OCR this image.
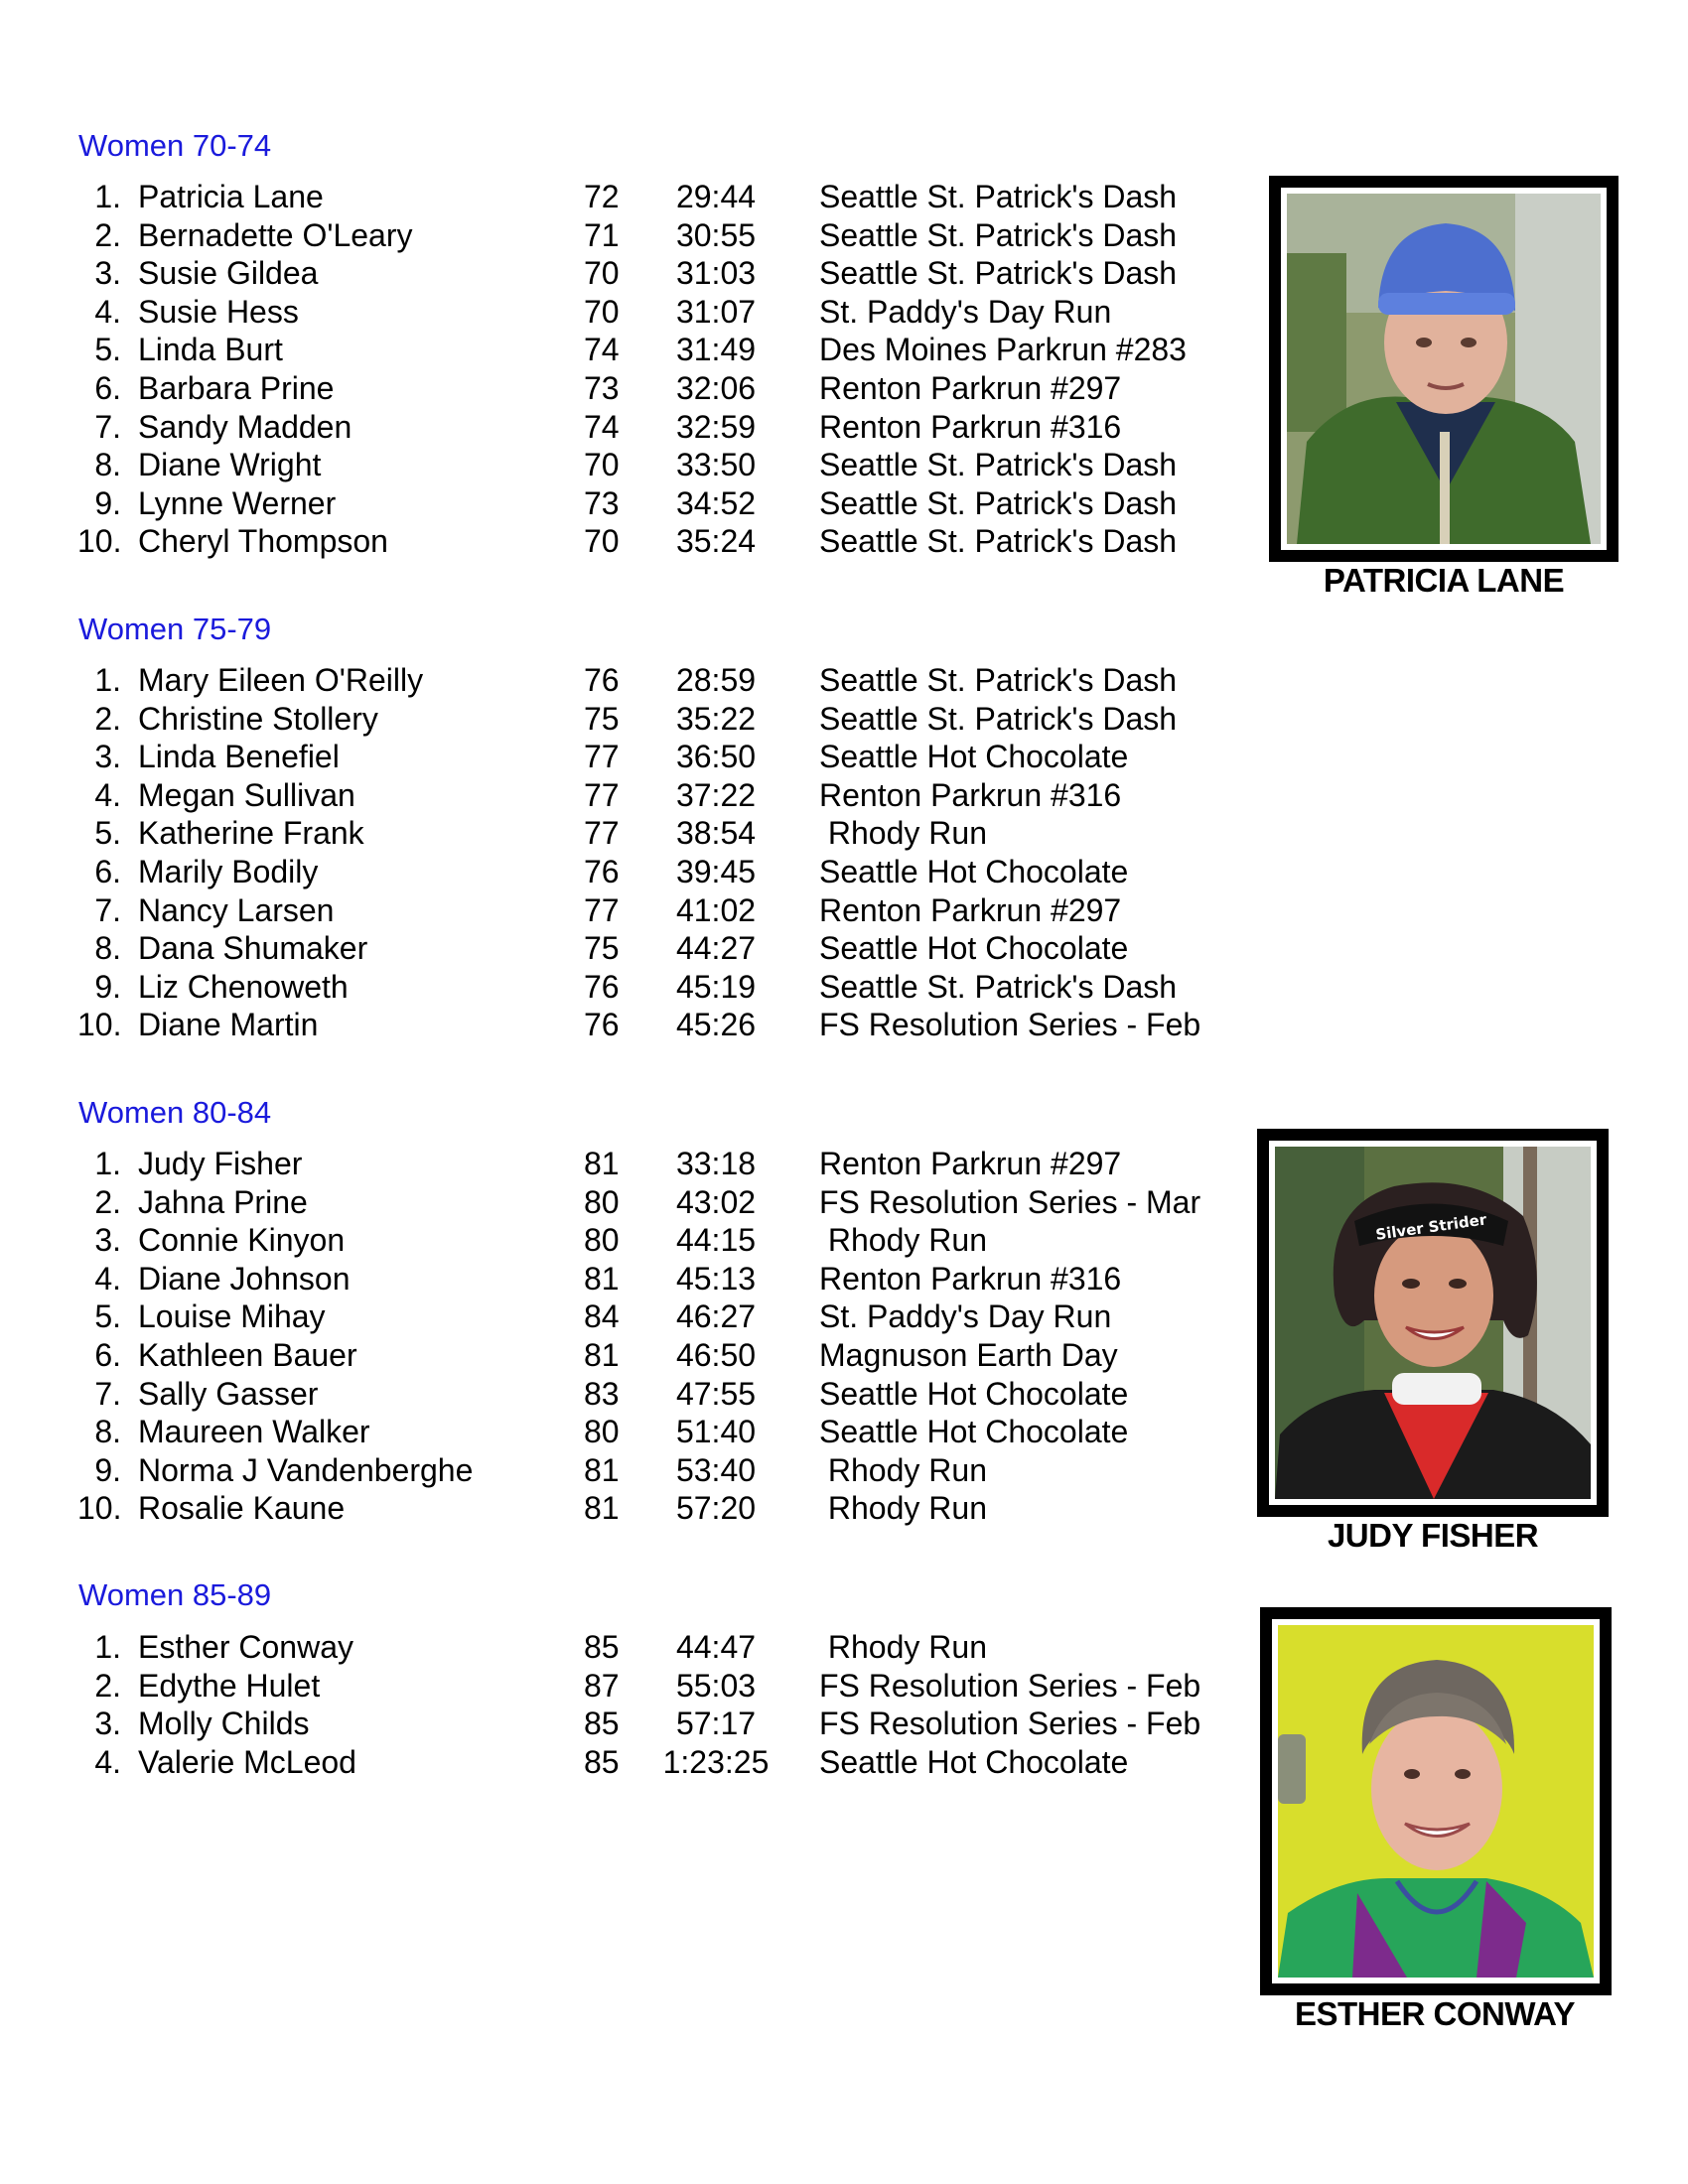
Women 70-74
Women 75-79
Women 80-84
Women 85-89
1. Patricia Lane	72	29:44	Seattle St. Patrick's Dash
2. Bernadette O'Leary	71	30:55	Seattle St. Patrick's Dash
3. Susie Gildea	70	31:03	Seattle St. Patrick's Dash
4. Susie Hess	70	31:07	St. Paddy's Day Run
5. Linda Burt	74	31:49	Des Moines Parkrun #283
6. Barbara Prine	73	32:06	Renton Parkrun #297
7. Sandy Madden	74	32:59	Renton Parkrun #316
8. Diane Wright	70	33:50	Seattle St. Patrick's Dash
9. Lynne Werner	73	34:52	Seattle St. Patrick's Dash
10. Cheryl Thompson	70	35:24	Seattle St. Patrick's Dash
1. Mary Eileen O'Reilly	76	28:59	Seattle St. Patrick's Dash
2. Christine Stollery	75	35:22	Seattle St. Patrick's Dash
3. Linda Benefiel	77	36:50	Seattle Hot Chocolate
4. Megan Sullivan	77	37:22	Renton Parkrun #316
5. Katherine Frank	77	38:54	Rhody Run
6. Marily Bodily	76	39:45	Seattle Hot Chocolate
7. Nancy Larsen	77	41:02	Renton Parkrun #297
8. Dana Shumaker	75	44:27	Seattle Hot Chocolate
9. Liz Chenoweth	76	45:19	Seattle St. Patrick's Dash
10. Diane Martin	76	45:26	FS Resolution Series - Feb
1. Judy Fisher	81	33:18	Renton Parkrun #297
2. Jahna Prine	80	43:02	FS Resolution Series - Mar
3. Connie Kinyon	80	44:15	Rhody Run
4. Diane Johnson	81	45:13	Renton Parkrun #316
5. Louise Mihay	84	46:27	St. Paddy's Day Run
6. Kathleen Bauer	81	46:50	Magnuson Earth Day
7. Sally Gasser	83	47:55	Seattle Hot Chocolate
8. Maureen Walker	80	51:40	Seattle Hot Chocolate
9. Norma J Vandenberghe	81	53:40	Rhody Run
10. Rosalie Kaune	81	57:20	Rhody Run
1. Esther Conway	85	44:47	Rhody Run
2. Edythe Hulet	87	55:03	FS Resolution Series - Feb
3. Molly Childs	85	57:17	FS Resolution Series - Feb
4. Valerie McLeod	85 1:23:25 Seattle Hot Chocolate
PATRICIA LANE
Silver Strider
JUDY FISHER
ESTHER CONWAY
